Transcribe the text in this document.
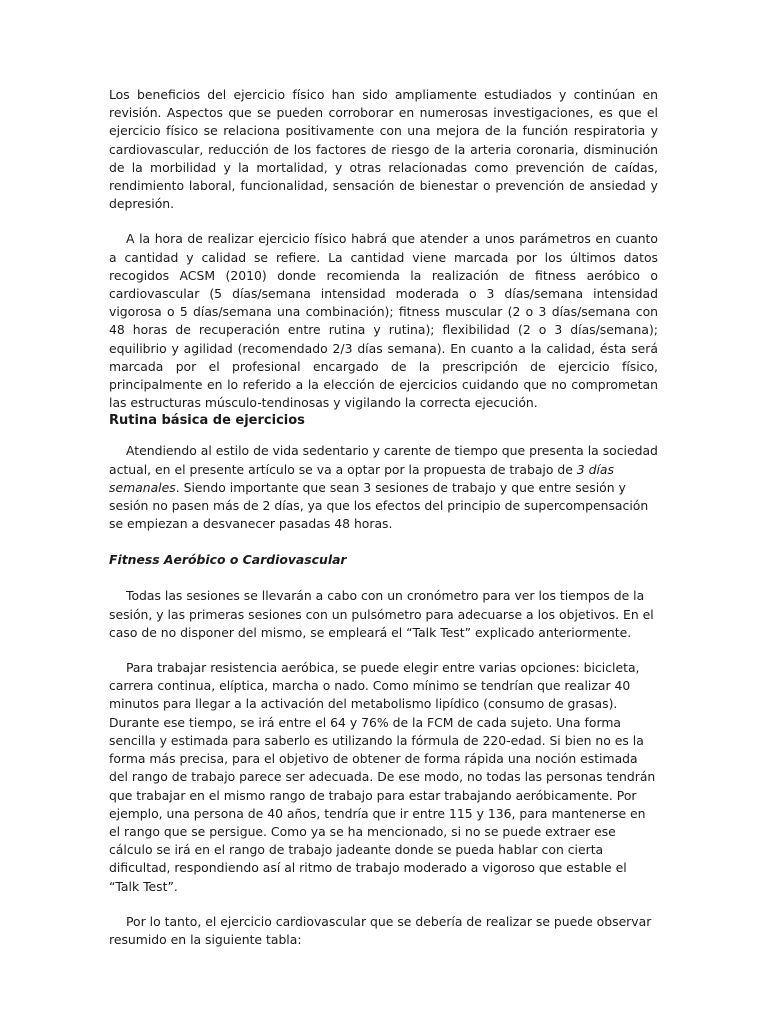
Los beneficios del ejercicio físico han sido ampliamente estudiados y continúan en revisión. Aspectos que se pueden corroborar en numerosas investigaciones, es que el ejercicio físico se relaciona positivamente con una mejora de la función respiratoria y cardiovascular, reducción de los factores de riesgo de la arteria coronaria, disminución de la morbilidad y la mortalidad, y otras relacionadas como prevención de caídas, rendimiento laboral, funcionalidad, sensación de bienestar o prevención de ansiedad y depresión.

A la hora de realizar ejercicio físico habrá que atender a unos parámetros en cuanto a cantidad y calidad se refiere. La cantidad viene marcada por los últimos datos recogidos ACSM (2010) donde recomienda la realización de fitness aeróbico o cardiovascular (5 días/semana intensidad moderada o 3 días/semana intensidad vigorosa o 5 días/semana una combinación); fitness muscular (2 o 3 días/semana con 48 horas de recuperación entre rutina y rutina); flexibilidad (2 o 3 días/semana); equilibrio y agilidad (recomendado 2/3 días semana). En cuanto a la calidad, ésta será marcada por el profesional encargado de la prescripción de ejercicio físico, principalmente en lo referido a la elección de ejercicios cuidando que no comprometan las estructuras músculo-tendinosas y vigilando la correcta ejecución.

Rutina básica de ejercicios

Atendiendo al estilo de vida sedentario y carente de tiempo que presenta la sociedad actual, en el presente artículo se va a optar por la propuesta de trabajo de 3 días semanales. Siendo importante que sean 3 sesiones de trabajo y que entre sesión y sesión no pasen más de 2 días, ya que los efectos del principio de supercompensación se empiezan a desvanecer pasadas 48 horas.

Fitness Aeróbico o Cardiovascular

Todas las sesiones se llevarán a cabo con un cronómetro para ver los tiempos de la sesión, y las primeras sesiones con un pulsómetro para adecuarse a los objetivos. En el caso de no disponer del mismo, se empleará el “Talk Test” explicado anteriormente.

Para trabajar resistencia aeróbica, se puede elegir entre varias opciones: bicicleta, carrera continua, elíptica, marcha o nado. Como mínimo se tendrían que realizar 40 minutos para llegar a la activación del metabolismo lipídico (consumo de grasas). Durante ese tiempo, se irá entre el 64 y 76% de la FCM de cada sujeto. Una forma sencilla y estimada para saberlo es utilizando la fórmula de 220-edad. Si bien no es la forma más precisa, para el objetivo de obtener de forma rápida una noción estimada del rango de trabajo parece ser adecuada. De ese modo, no todas las personas tendrán que trabajar en el mismo rango de trabajo para estar trabajando aeróbicamente. Por ejemplo, una persona de 40 años, tendría que ir entre 115 y 136, para mantenerse en el rango que se persigue. Como ya se ha mencionado, si no se puede extraer ese cálculo se irá en el rango de trabajo jadeante donde se pueda hablar con cierta dificultad, respondiendo así al ritmo de trabajo moderado a vigoroso que estable el “Talk Test”.

Por lo tanto, el ejercicio cardiovascular que se debería de realizar se puede observar resumido en la siguiente tabla:
